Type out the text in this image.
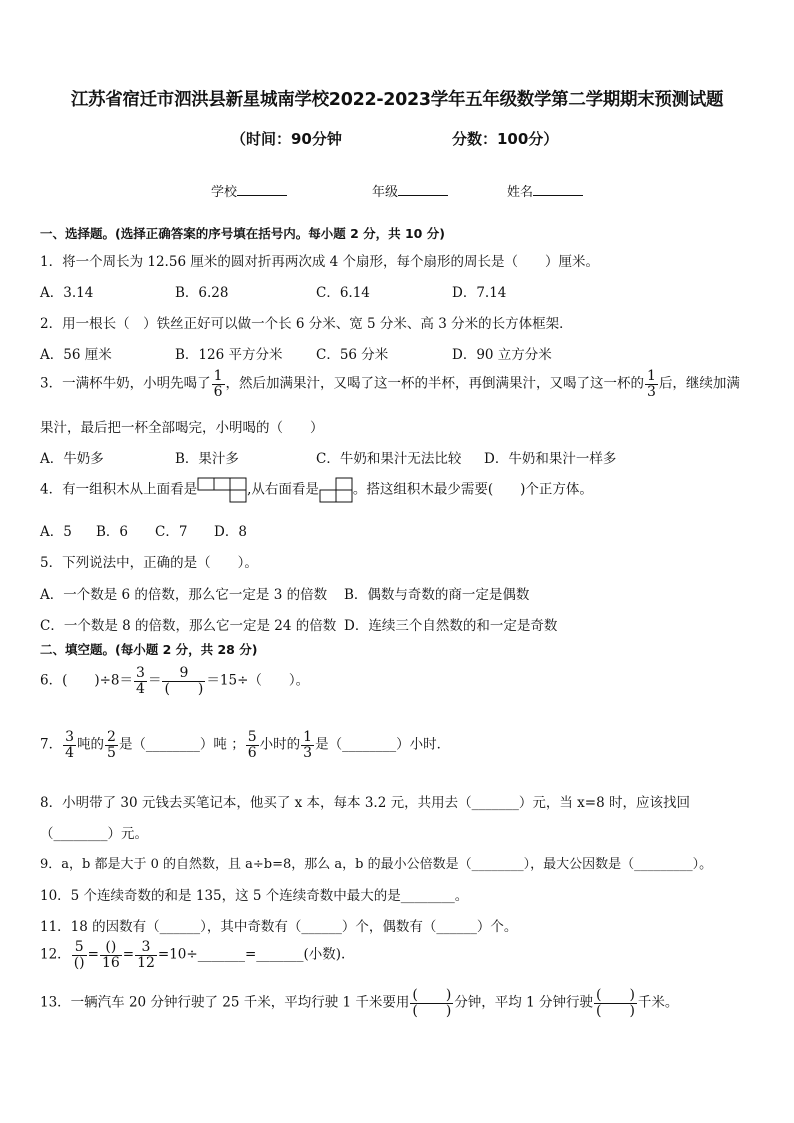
江苏省宿迁市泗洪县新星城南学校2022-2023学年五年级数学第二学期期末预测试题
（时间：90分钟	分数：100分）
学校	年级	姓名
一、选择题。(选择正确答案的序号填在括号内。每小题 2 分，共 10 分)
1．将一个周长为 12.56 厘米的圆对折再两次成 4 个扇形，每个扇形的周长是（　　）厘米。
A．3.14	B．6.28	C．6.14	D．7.14
2．用一根长（　）铁丝正好可以做一个长 6 分米、宽 5 分米、高 3 分米的长方体框架．
A．56 厘米	B．126 平方分米 C．56 分米	D．90 立方分米
3．一满杯牛奶，小明先喝了 $\frac{1}{6}$ ，然后加满果汁，又喝了这一杯的半杯，再倒满果汁，又喝了这一杯的 $\frac{1}{3}$ 后，继续加满
果汁，最后把一杯全部喝完，小明喝的（　　）
A．牛奶多	B．果汁多	C．牛奶和果汁无法比较 D．牛奶和果汁一样多
4．有一组积木从上面看是	,从右面看是	。搭这组积木最少需要(　　)个正方体。
A．5 B．6 C．7 D．8
5．下列说法中，正确的是（　　）。
A．一个数是 6 的倍数，那么它一定是 3 的倍数 B．偶数与奇数的商一定是偶数
C．一个数是 8 的倍数，那么它一定是 24 的倍数 D．连续三个自然数的和一定是奇数
二、填空题。(每小题 2 分，共 28 分)
6．(　　)$\div 8= \frac{3}{4} = \frac{9}{( )} =15\div$（　　）。
7． $\frac{3}{4}$ 吨的 $\frac{2}{5}$ 是（________）吨 ； $\frac{5}{6}$ 小时的 $\frac{1}{3}$ 是（________）小时．
8．小明带了 30 元钱去买笔记本，他买了 x 本，每本 3.2 元，共用去（_______）元，当 x=8 时，应该找回
（________）元。
9．a，b 都是大于 0 的自然数，且 a÷b=8，那么 a，b 的最小公倍数是（________），最大公因数是（_________）。
10．5 个连续奇数的和是 135，这 5 个连续奇数中最大的是________。
11．18 的因数有（______），其中奇数有（______）个，偶数有（______）个。
12． $\frac{5}{()} = \frac{()}{16} = \frac{3}{12}$ =10÷_______=_______(小数).
13．一辆汽车 20 分钟行驶了 25 千米，平均行驶 1 千米要用 $\frac{( )}{( )}$ 分钟，平均 1 分钟行驶 $\frac{( )}{( )}$ 千米。
